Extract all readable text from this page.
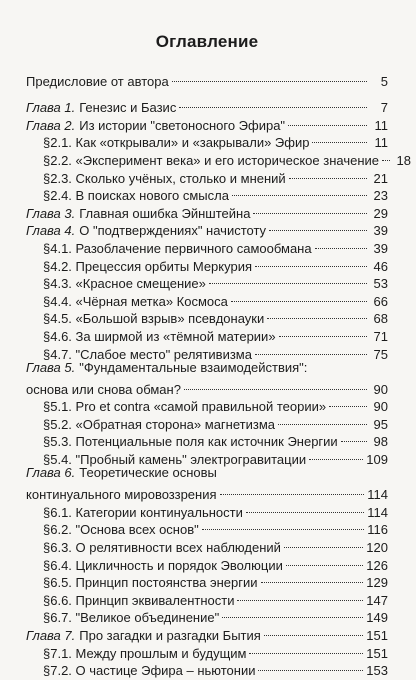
Оглавление
Предисловие от автора	5
Глава 1. Генезис и Базис	7
Глава 2. Из истории "светоносного Эфира"	11
§2.1. Как «открывали» и «закрывали» Эфир	11
§2.2. «Эксперимент века» и его историческое значение 18
§2.3. Сколько учёных, столько и мнений	21
§2.4. В поисках нового смысла	23
Глава 3. Главная ошибка Эйнштейна	29
Глава 4. О "подтверждениях" начистоту	39
§4.1. Разоблачение первичного самообмана	39
§4.2. Прецессия орбиты Меркурия	46
§4.3. «Красное смещение»	53
§4.4. «Чёрная метка» Космоса	66
§4.5. «Большой взрыв» псевдонауки	68
§4.6. За ширмой из «тёмной материи»	71
§4.7. "Слабое место" релятивизма	75
Глава 5. "Фундаментальные взаимодействия":
основа или снова обман?	90
§5.1. Pro et contra «самой правильной теории»	90
§5.2. «Обратная сторона» магнетизма	95
§5.3. Потенциальные поля как источник Энергии	98
§5.4. "Пробный камень" электрогравитации	109
Глава 6. Теоретические основы
континуального мировоззрения	114
§6.1. Категории континуальности	114
§6.2. "Основа всех основ"	116
§6.3. О релятивности всех наблюдений	120
§6.4. Цикличность и порядок Эволюции	126
§6.5. Принцип постоянства энергии	129
§6.6. Принцип эквивалентности	147
§6.7. "Великое объединение"	149
Глава 7. Про загадки и разгадки Бытия	151
§7.1. Между прошлым и будущим	151
§7.2. О частице Эфира – ньютонии	153
